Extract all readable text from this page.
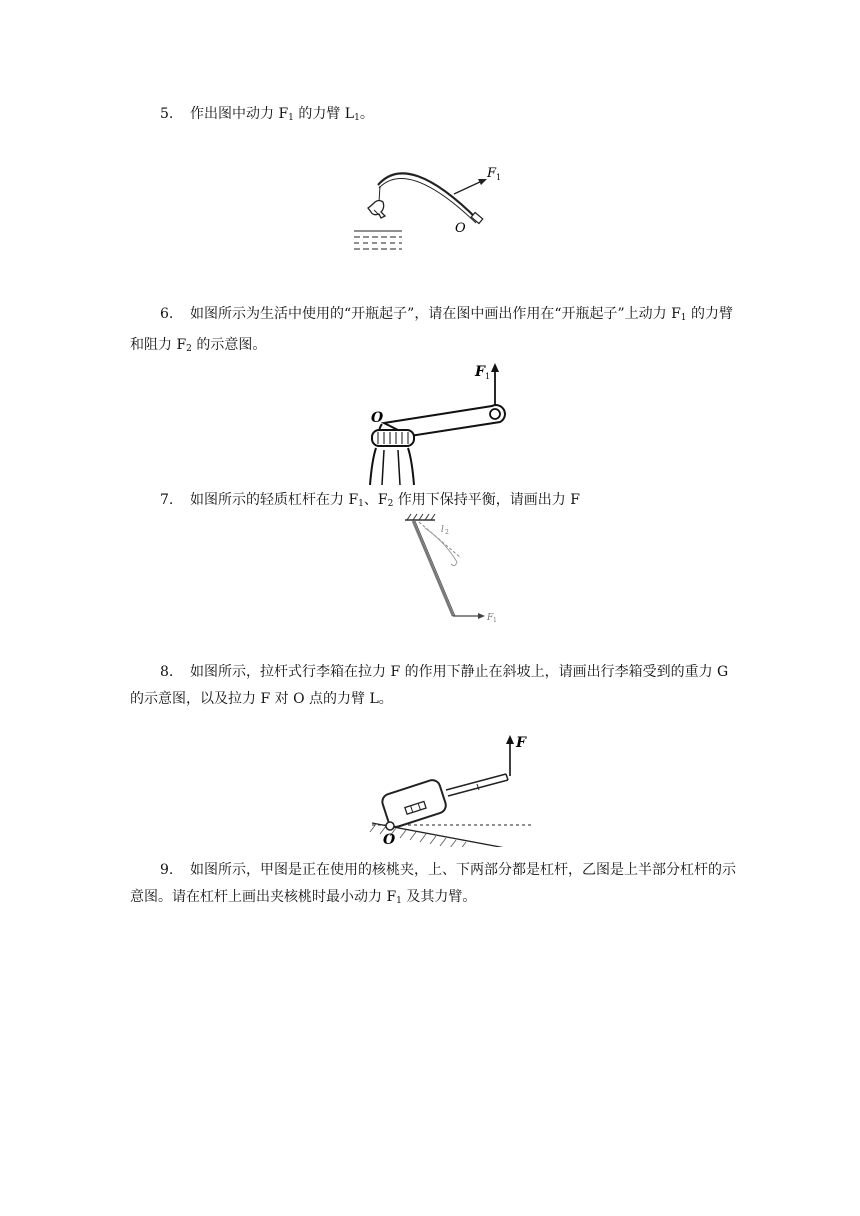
5. 作出图中动力 $F_1$ 的力臂 $L_1$。
F 1
O
6. 如图所示为生活中使用的“开瓶起子”，请在图中画出作用在“开瓶起子”上动力 $F_1$ 的力臂和阻力 $F_2$ 的示意图。
F 1
O
7. 如图所示的轻质杠杆在力 $F_1$、$F_2$ 作用下保持平衡，请画出力 F
l 2
F 1
8. 如图所示，拉杆式行李箱在拉力 F 的作用下静止在斜坡上，请画出行李箱受到的重力 G 的示意图，以及拉力 F 对 O 点的力臂 L。
O
F
9. 如图所示，甲图是正在使用的核桃夹，上、下两部分都是杠杆，乙图是上半部分杠杆的示意图。请在杠杆上画出夹核桃时最小动力 $F_1$ 及其力臂。
